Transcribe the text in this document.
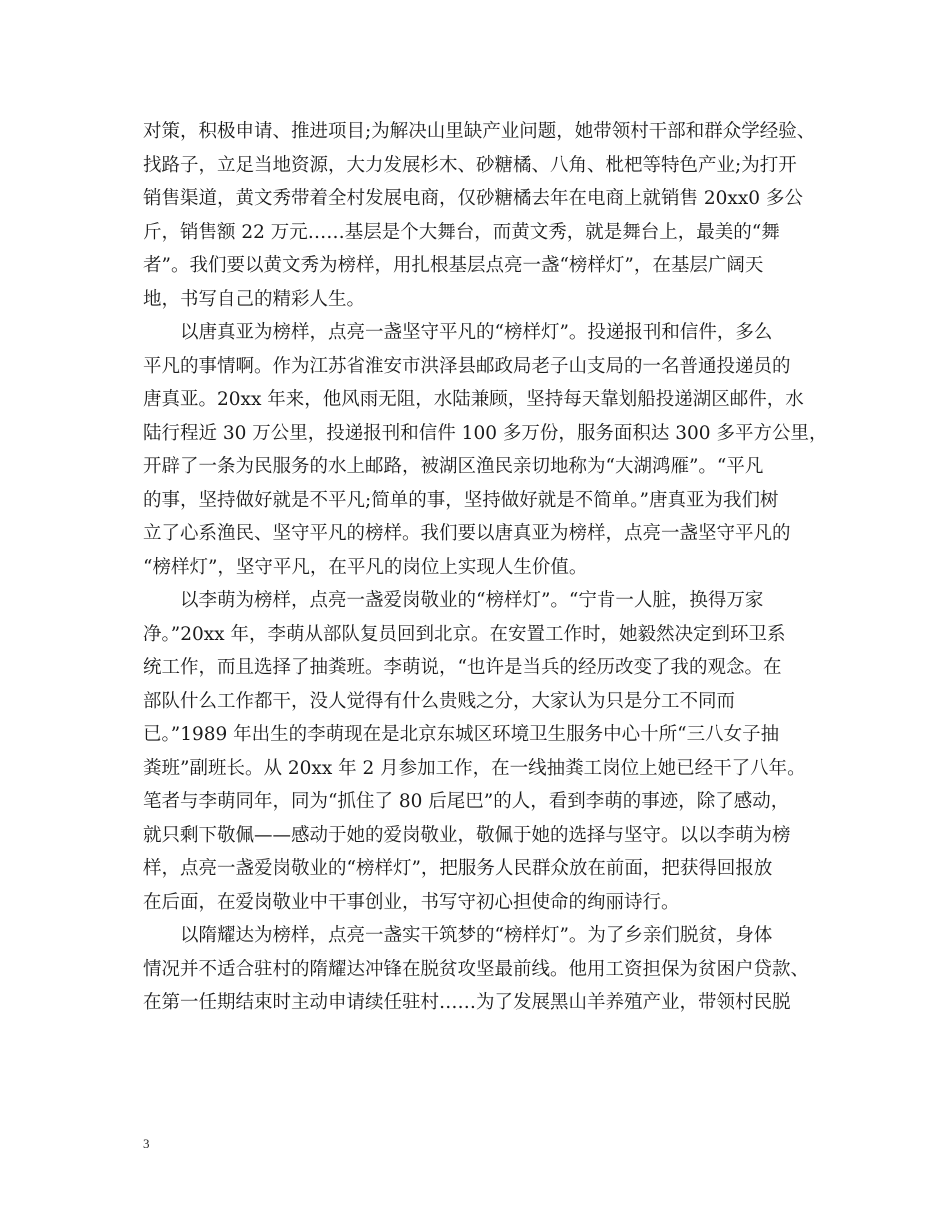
对策，积极申请、推进项目;为解决山里缺产业问题，她带领村干部和群众学经验、
找路子，立足当地资源，大力发展杉木、砂糖橘、八角、枇杷等特色产业;为打开
销售渠道，黄文秀带着全村发展电商，仅砂糖橘去年在电商上就销售 20xx0 多公
斤，销售额 22 万元……基层是个大舞台，而黄文秀，就是舞台上，最美的“舞
者”。我们要以黄文秀为榜样，用扎根基层点亮一盏“榜样灯”，在基层广阔天
地，书写自己的精彩人生。
以唐真亚为榜样，点亮一盏坚守平凡的“榜样灯”。投递报刊和信件，多么
平凡的事情啊。作为江苏省淮安市洪泽县邮政局老子山支局的一名普通投递员的
唐真亚。20xx 年来，他风雨无阻，水陆兼顾，坚持每天靠划船投递湖区邮件，水
陆行程近 30 万公里，投递报刊和信件 100 多万份，服务面积达 300 多平方公里，
开辟了一条为民服务的水上邮路，被湖区渔民亲切地称为“大湖鸿雁”。“平凡
的事，坚持做好就是不平凡;简单的事，坚持做好就是不简单。”唐真亚为我们树
立了心系渔民、坚守平凡的榜样。我们要以唐真亚为榜样，点亮一盏坚守平凡的
“榜样灯”，坚守平凡，在平凡的岗位上实现人生价值。
以李萌为榜样，点亮一盏爱岗敬业的“榜样灯”。“宁肯一人脏，换得万家
净。”20xx 年，李萌从部队复员回到北京。在安置工作时，她毅然决定到环卫系
统工作，而且选择了抽粪班。李萌说，“也许是当兵的经历改变了我的观念。在
部队什么工作都干，没人觉得有什么贵贱之分，大家认为只是分工不同而
已。”1989 年出生的李萌现在是北京东城区环境卫生服务中心十所“三八女子抽
粪班”副班长。从 20xx 年 2 月参加工作，在一线抽粪工岗位上她已经干了八年。
笔者与李萌同年，同为“抓住了 80 后尾巴”的人，看到李萌的事迹，除了感动，
就只剩下敬佩——感动于她的爱岗敬业，敬佩于她的选择与坚守。以以李萌为榜
样，点亮一盏爱岗敬业的“榜样灯”，把服务人民群众放在前面，把获得回报放
在后面，在爱岗敬业中干事创业，书写守初心担使命的绚丽诗行。
以隋耀达为榜样，点亮一盏实干筑梦的“榜样灯”。为了乡亲们脱贫，身体
情况并不适合驻村的隋耀达冲锋在脱贫攻坚最前线。他用工资担保为贫困户贷款、
在第一任期结束时主动申请续任驻村……为了发展黑山羊养殖产业，带领村民脱
3
